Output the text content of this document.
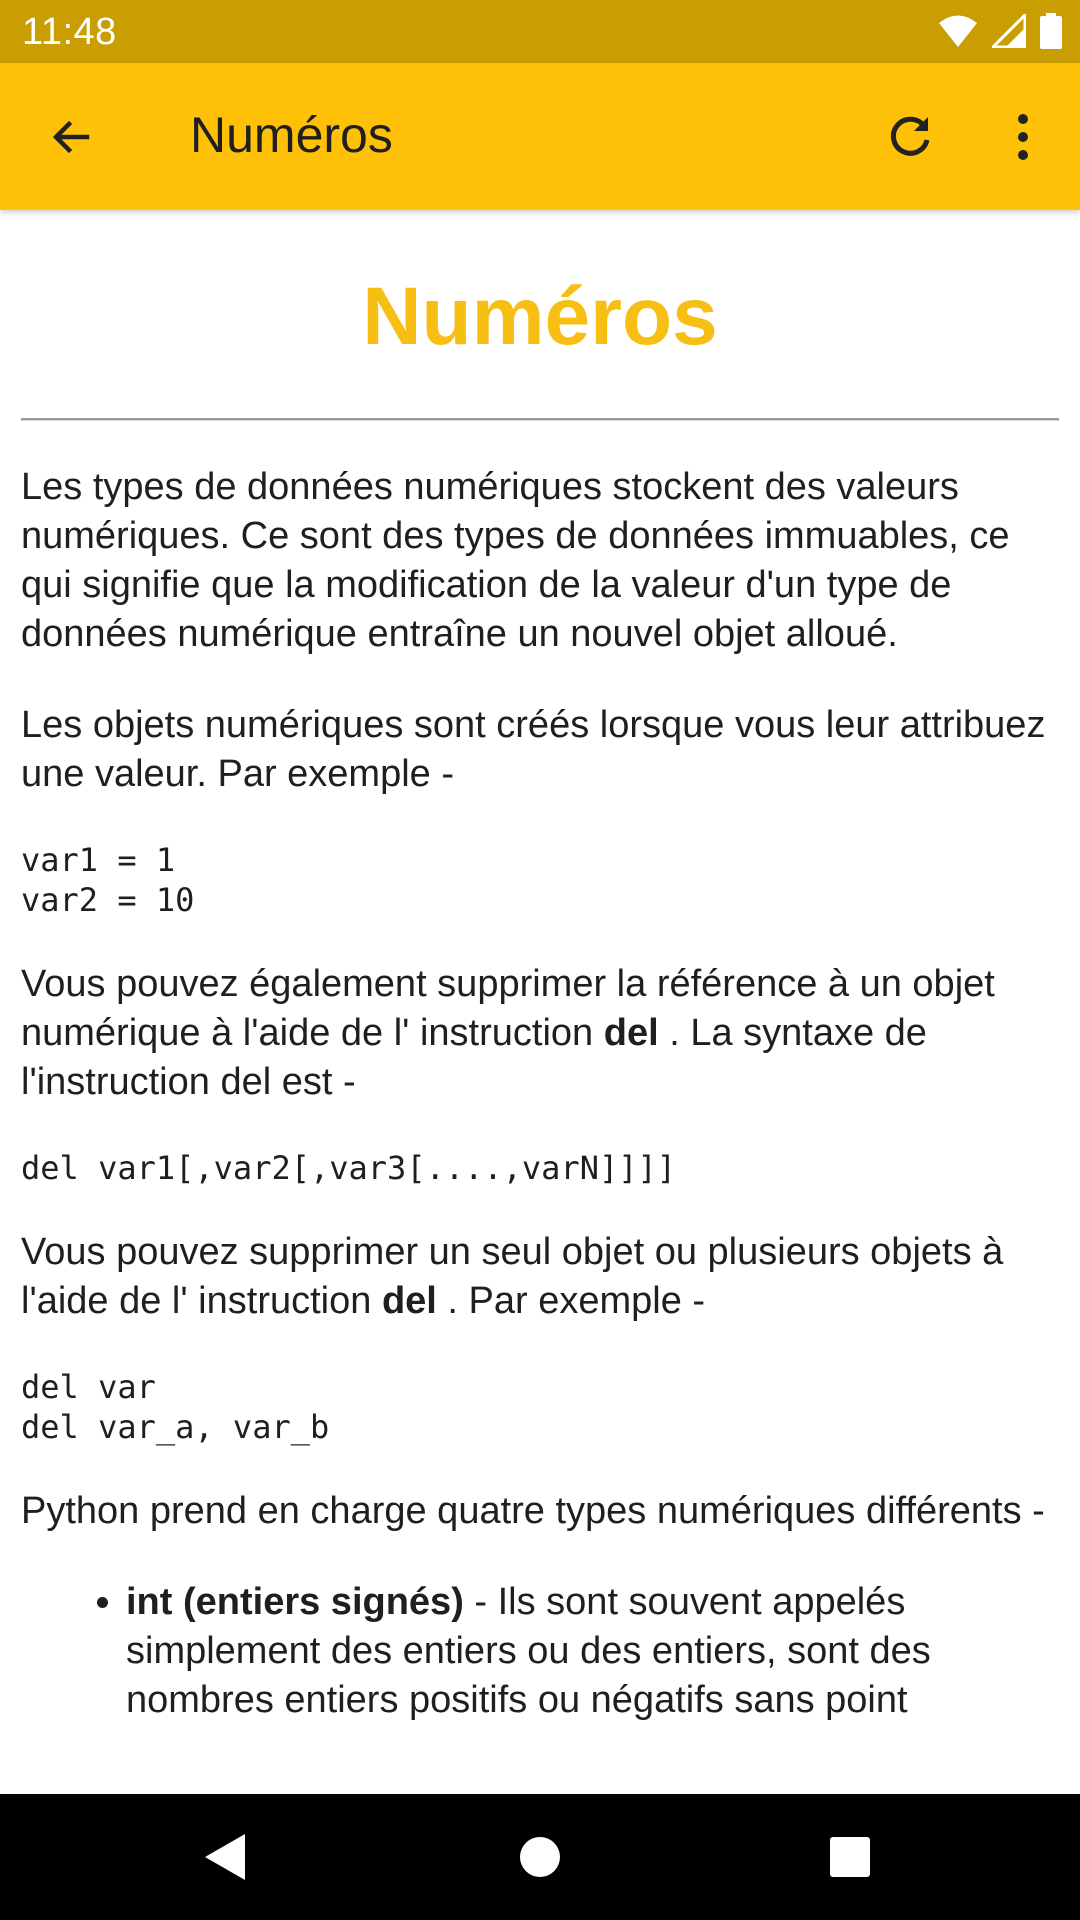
11:48
Numéros
Numéros

Les types de données numériques stockent des valeurs numériques. Ce sont des types de données immuables, ce qui signifie que la modification de la valeur d'un type de données numérique entraîne un nouvel objet alloué.

Les objets numériques sont créés lorsque vous leur attribuez une valeur. Par exemple -

var1 = 1
var2 = 10

Vous pouvez également supprimer la référence à un objet numérique à l'aide de l' instruction del . La syntaxe de l'instruction del est -

del var1[,var2[,var3[....,varN]]]]

Vous pouvez supprimer un seul objet ou plusieurs objets à l'aide de l' instruction del . Par exemple -

del var
del var_a, var_b

Python prend en charge quatre types numériques différents -

• int (entiers signés) - Ils sont souvent appelés simplement des entiers ou des entiers, sont des nombres entiers positifs ou négatifs sans point
